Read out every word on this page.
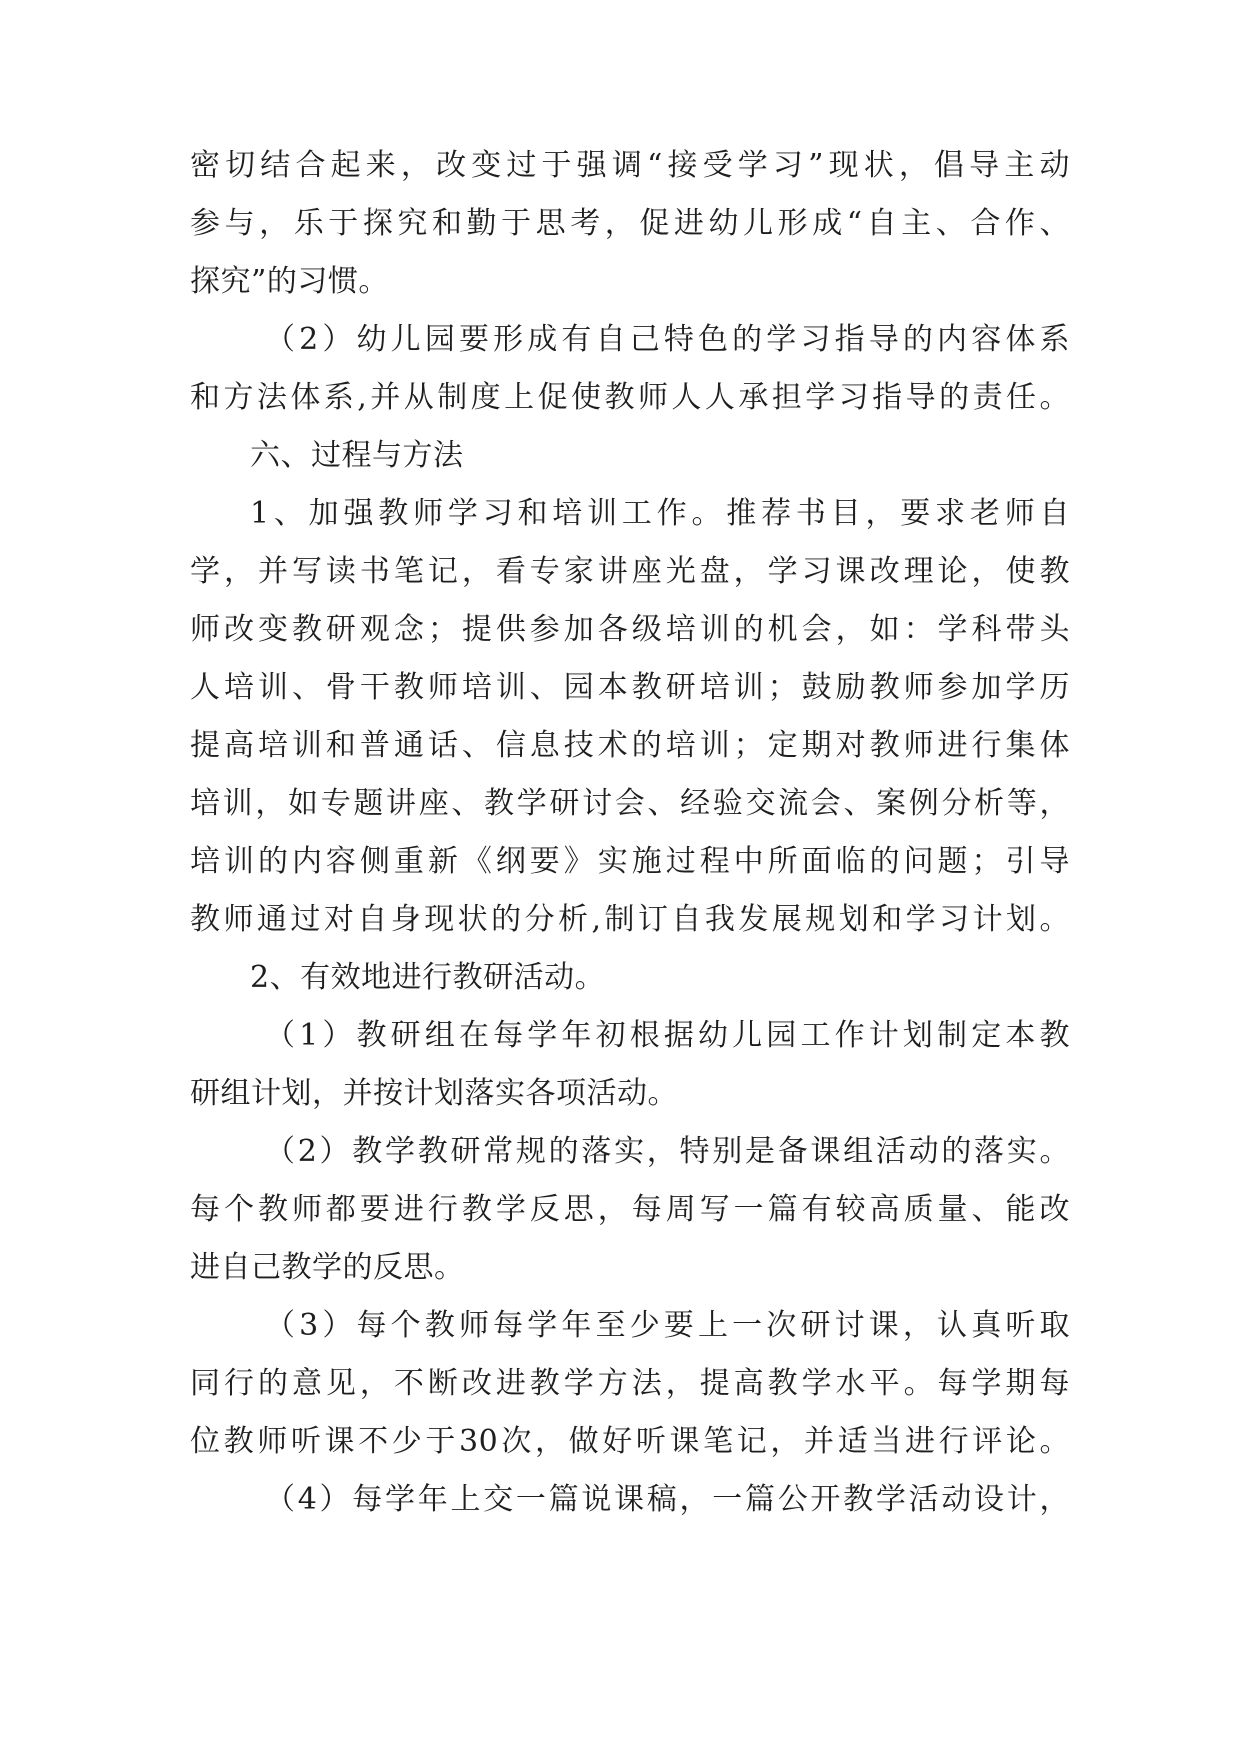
密切结合起来，改变过于强调“接受学习”现状，倡导主动

参与，乐于探究和勤于思考，促进幼儿形成“自主、合作、

探究”的习惯。

（2）幼儿园要形成有自己特色的学习指导的内容体系

和方法体系,并从制度上促使教师人人承担学习指导的责任。

六、过程与方法

1、加强教师学习和培训工作。推荐书目，要求老师自

学，并写读书笔记，看专家讲座光盘，学习课改理论，使教

师改变教研观念；提供参加各级培训的机会，如：学科带头

人培训、骨干教师培训、园本教研培训；鼓励教师参加学历

提高培训和普通话、信息技术的培训；定期对教师进行集体

培训，如专题讲座、教学研讨会、经验交流会、案例分析等，

培训的内容侧重新《纲要》实施过程中所面临的问题；引导

教师通过对自身现状的分析,制订自我发展规划和学习计划。

2、有效地进行教研活动。

（1）教研组在每学年初根据幼儿园工作计划制定本教

研组计划，并按计划落实各项活动。

（2）教学教研常规的落实，特别是备课组活动的落实。

每个教师都要进行教学反思，每周写一篇有较高质量、能改

进自己教学的反思。

（3）每个教师每学年至少要上一次研讨课，认真听取

同行的意见，不断改进教学方法，提高教学水平。每学期每

位教师听课不少于30次，做好听课笔记，并适当进行评论。

（4）每学年上交一篇说课稿，一篇公开教学活动设计，
